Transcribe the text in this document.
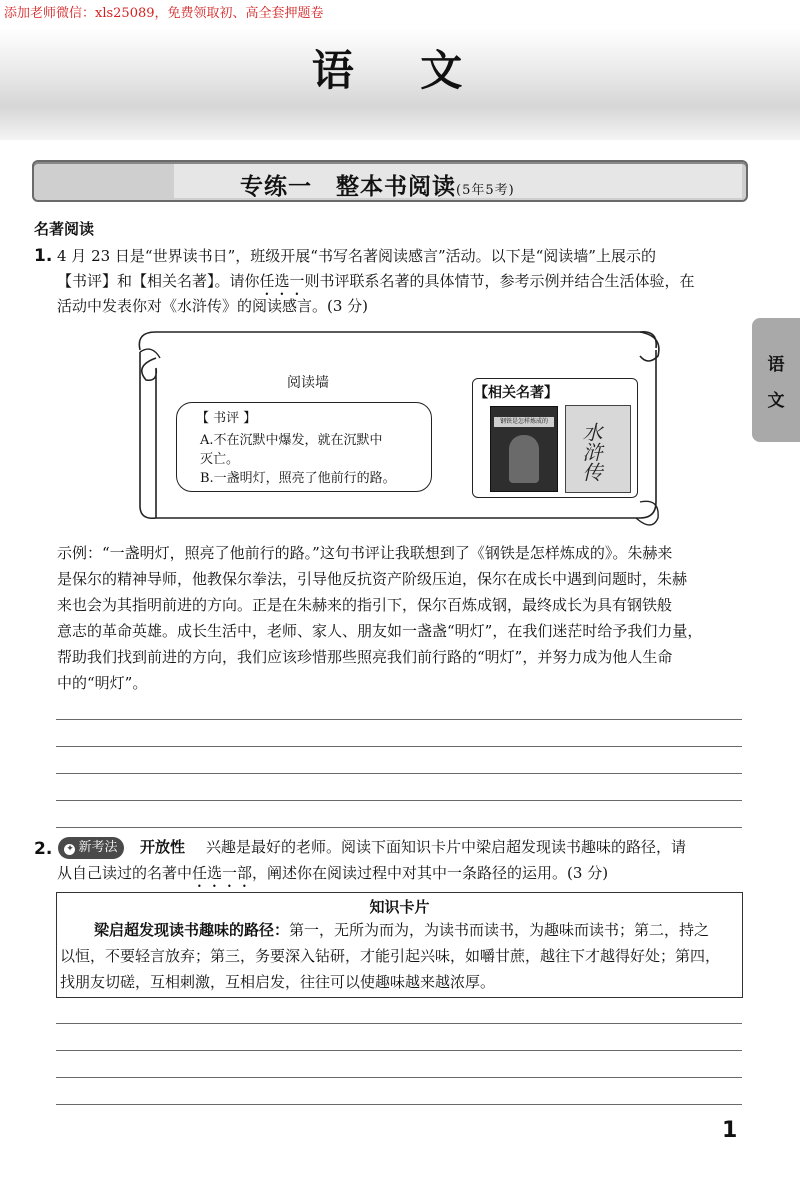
添加老师微信：xls25089，免费领取初、高全套押题卷
语 文
专练一　整本书阅读(5年5考)
语
文
名著阅读
1. 4 月 23 日是“世界读书日”，班级开展“书写名著阅读感言”活动。以下是“阅读墙”上展示的
【书评】和【相关名著】。请你任选一则书评联系名著的具体情节，参考示例并结合生活体验，在
活动中发表你对《水浒传》的阅读感言。(3 分)
阅读墙
【 书评 】
A.不在沉默中爆发，就在沉默中
灭亡。
B.一盏明灯，照亮了他前行的路。
【相关名著】
钢铁是怎样炼成的
水浒传
示例：“一盏明灯，照亮了他前行的路。”这句书评让我联想到了《钢铁是怎样炼成的》。朱赫来
是保尔的精神导师，他教保尔拳法，引导他反抗资产阶级压迫，保尔在成长中遇到问题时，朱赫
来也会为其指明前进的方向。正是在朱赫来的指引下，保尔百炼成钢，最终成长为具有钢铁般
意志的革命英雄。成长生活中，老师、家人、朋友如一盏盏“明灯”，在我们迷茫时给予我们力量，
帮助我们找到前进的方向，我们应该珍惜那些照亮我们前行路的“明灯”，并努力成为他人生命
中的“明灯”。
2.	✦ 新考法	开放性 兴趣是最好的老师。阅读下面知识卡片中梁启超发现读书趣味的路径，请
从自己读过的名著中任选一部，阐述你在阅读过程中对其中一条路径的运用。(3 分)
知识卡片
梁启超发现读书趣味的路径：第一，无所为而为，为读书而读书，为趣味而读书；第二，持之
以恒，不要轻言放弃；第三，务要深入钻研，才能引起兴味，如嚼甘蔗，越往下才越得好处；第四，
找朋友切磋，互相刺激，互相启发，往往可以使趣味越来越浓厚。
1
